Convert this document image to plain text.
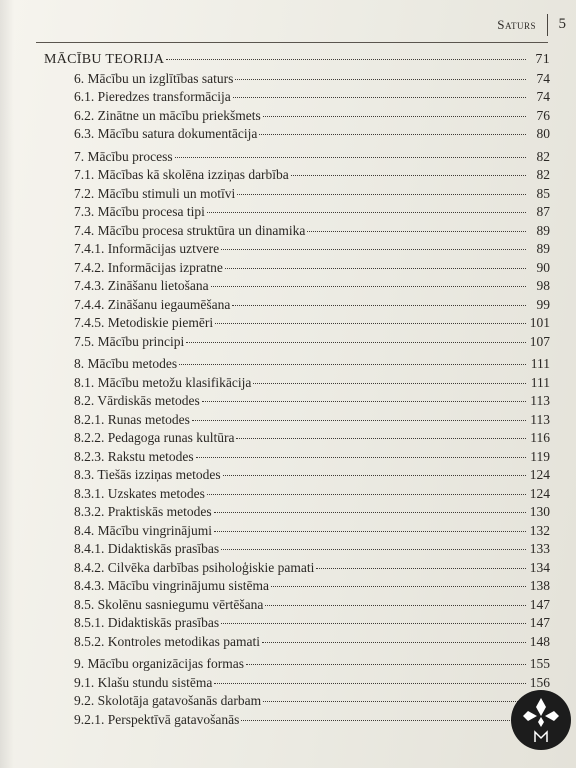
Saturs 5
MĀCĪBU TEORIJA	71
6. Mācību un izglītības saturs	74
6.1. Pieredzes transformācija	74
6.2. Zinātne un mācību priekšmets	76
6.3. Mācību satura dokumentācija	80
7. Mācību process	82
7.1. Mācības kā skolēna izziņas darbība	82
7.2. Mācību stimuli un motīvi	85
7.3. Mācību procesa tipi	87
7.4. Mācību procesa struktūra un dinamika	89
7.4.1. Informācijas uztvere	89
7.4.2. Informācijas izpratne	90
7.4.3. Zināšanu lietošana	98
7.4.4. Zināšanu iegaumēšana	99
7.4.5. Metodiskie piemēri	101
7.5. Mācību principi	107
8. Mācību metodes	111
8.1. Mācību metožu klasifikācija	111
8.2. Vārdiskās metodes	113
8.2.1. Runas metodes	113
8.2.2. Pedagoga runas kultūra	116
8.2.3. Rakstu metodes	119
8.3. Tiešās izziņas metodes	124
8.3.1. Uzskates metodes	124
8.3.2. Praktiskās metodes	130
8.4. Mācību vingrinājumi	132
8.4.1. Didaktiskās prasības	133
8.4.2. Cilvēka darbības psiholoģiskie pamati	134
8.4.3. Mācību vingrinājumu sistēma	138
8.5. Skolēnu sasniegumu vērtēšana	147
8.5.1. Didaktiskās prasības	147
8.5.2. Kontroles metodikas pamati	148
9. Mācību organizācijas formas	155
9.1. Klašu stundu sistēma	156
9.2. Skolotāja gatavošanās darbam
9.2.1. Perspektīvā gatavošanās
